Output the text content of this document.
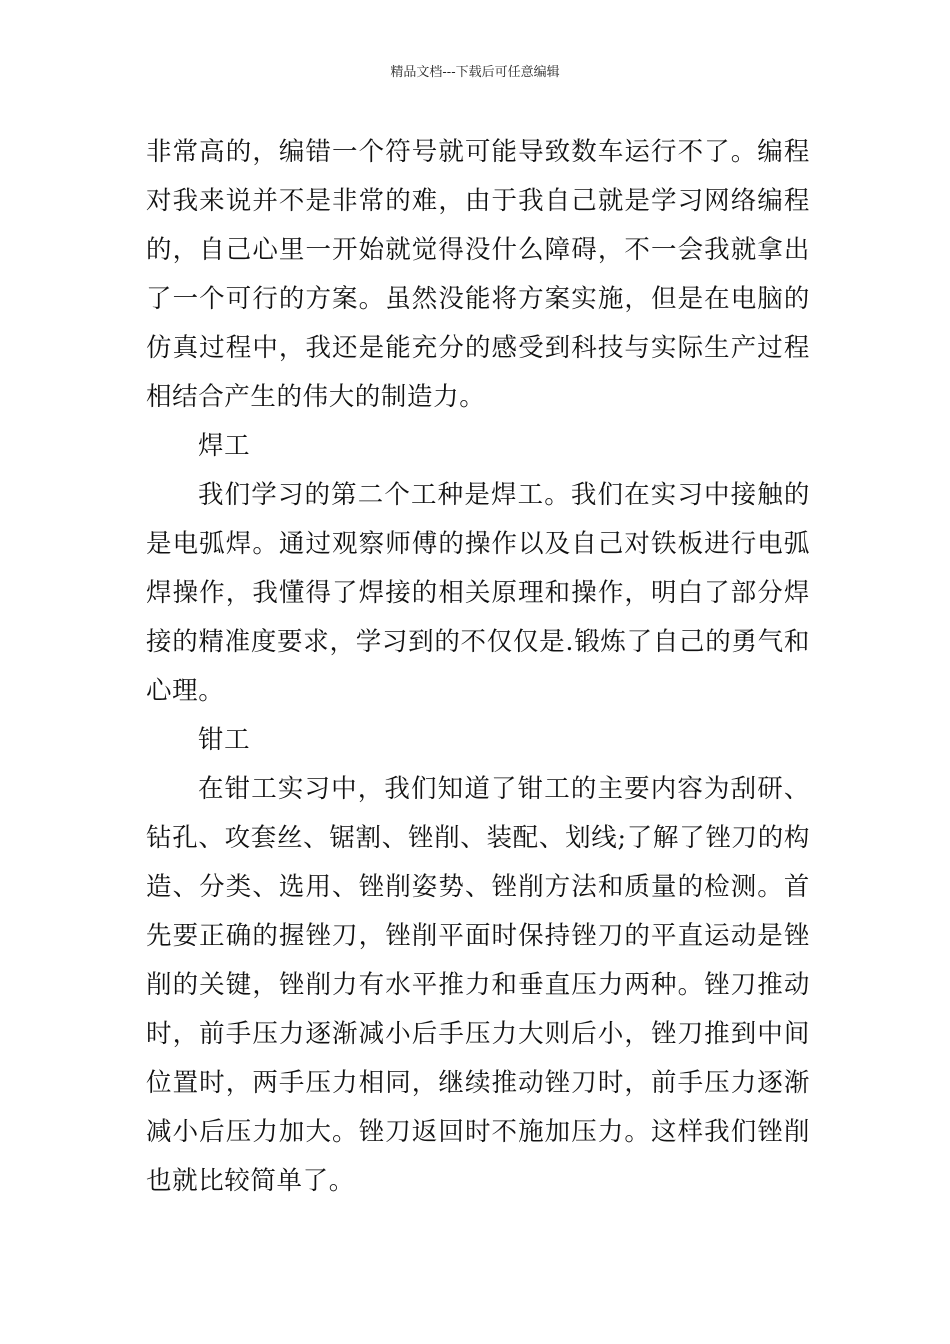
精品文档---下载后可任意编辑

非常高的，编错一个符号就可能导致数车运行不了。编程对我来说并不是非常的难，由于我自己就是学习网络编程的，自己心里一开始就觉得没什么障碍，不一会我就拿出了一个可行的方案。虽然没能将方案实施，但是在电脑的仿真过程中，我还是能充分的感受到科技与实际生产过程相结合产生的伟大的制造力。

焊工

我们学习的第二个工种是焊工。我们在实习中接触的是电弧焊。通过观察师傅的操作以及自己对铁板进行电弧焊操作，我懂得了焊接的相关原理和操作，明白了部分焊接的精准度要求，学习到的不仅仅是.锻炼了自己的勇气和心理。

钳工

在钳工实习中，我们知道了钳工的主要内容为刮研、钻孔、攻套丝、锯割、锉削、装配、划线;了解了锉刀的构造、分类、选用、锉削姿势、锉削方法和质量的检测。首先要正确的握锉刀，锉削平面时保持锉刀的平直运动是锉削的关键，锉削力有水平推力和垂直压力两种。锉刀推动时，前手压力逐渐减小后手压力大则后小，锉刀推到中间位置时，两手压力相同，继续推动锉刀时，前手压力逐渐减小后压力加大。锉刀返回时不施加压力。这样我们锉削也就比较简单了。
